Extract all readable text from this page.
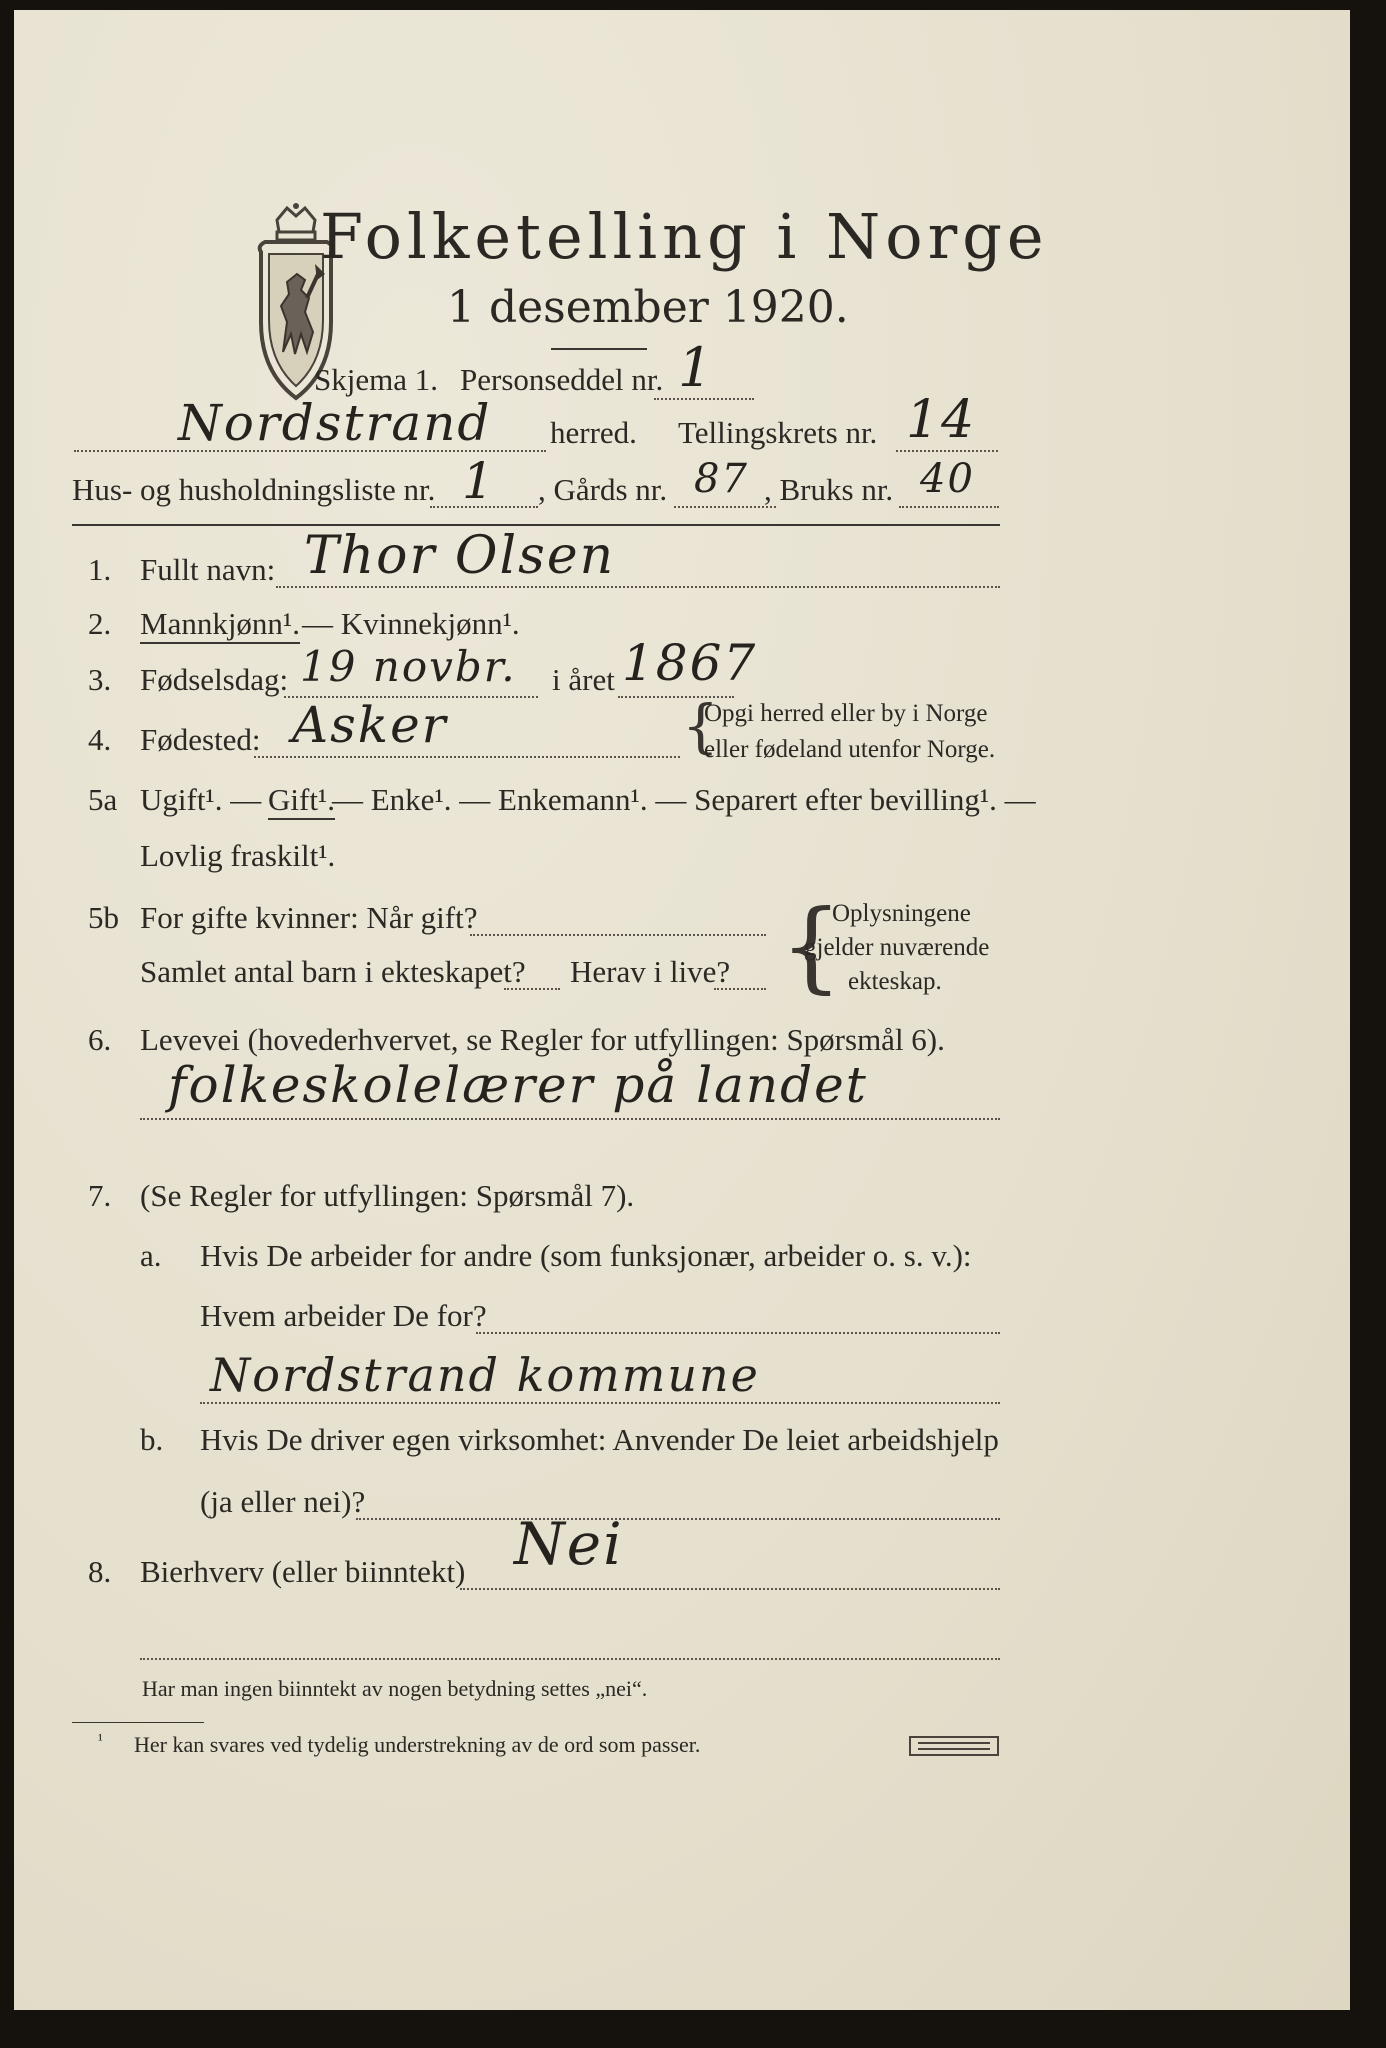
Folketelling i Norge
1 desember 1920.
Skjema 1. Personseddel nr. 1
Nordstrand herred. Tellingskrets nr. 14
Hus- og husholdningsliste nr. 1 , Gårds nr. 87 , Bruks nr. 40
1. Fullt navn: Thor Olsen
2. Mannkjønn¹. — Kvinnekjønn¹.
3. Fødselsdag: 19 novbr. i året 1867
4. Fødested: Asker	{
Opgi herred eller by i Norge
eller fødeland utenfor Norge.
5a Ugift¹. — Gift¹.
— Enke¹. — Enkemann¹. — Separert efter bevilling¹. —
Lovlig fraskilt¹.
5b For gifte kvinner: Når gift?
Samlet antal barn i ekteskapet? Herav i live? {
Oplysningene
gjelder nuværende
ekteskap.
6. Levevei (hovederhvervet, se Regler for utfyllingen: Spørsmål 6).
folkeskolelærer på landet
7. (Se Regler for utfyllingen: Spørsmål 7).
a. Hvis De arbeider for andre (som funksjonær, arbeider o. s. v.):
Hvem arbeider De for?
Nordstrand kommune
b. Hvis De driver egen virksomhet: Anvender De leiet arbeidshjelp
(ja eller nei)?
8. Bierhverv (eller biinntekt) Nei
Har man ingen biinntekt av nogen betydning settes „nei“.
¹ Her kan svares ved tydelig understrekning av de ord som passer.
